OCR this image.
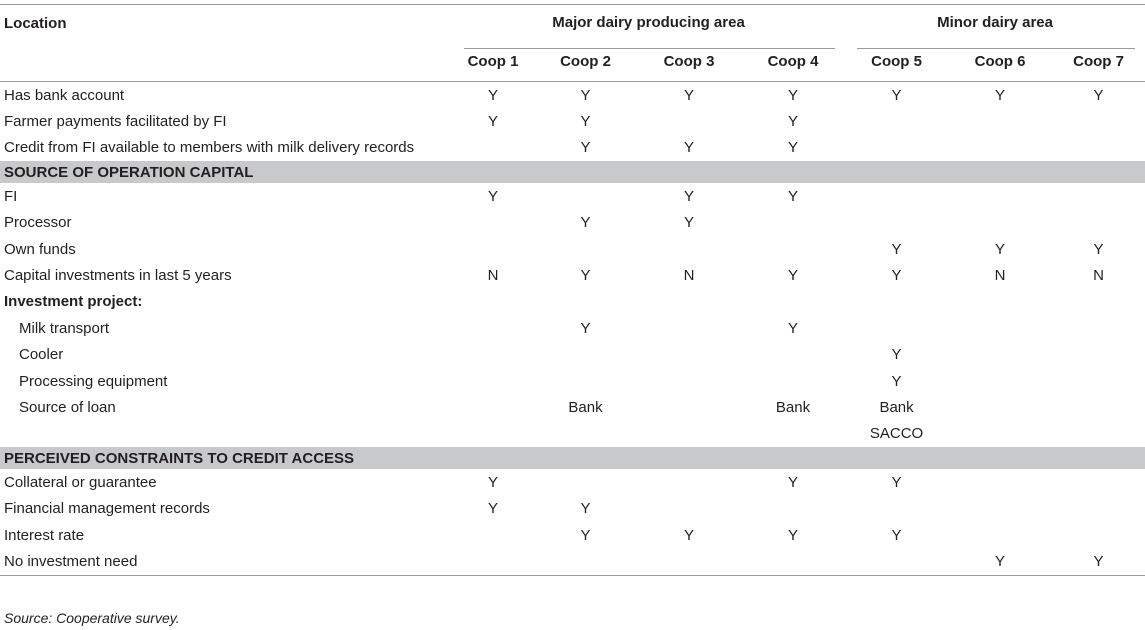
Location	Major dairy producing area				Minor dairy area		

	Coop 1	Coop 2	Coop 3	Coop 4	Coop 5	Coop 6	Coop 7
Has bank account	Y	Y	Y	Y	Y	Y	Y
Farmer payments facilitated by FI	Y	Y		Y			
Credit from FI available to members with milk delivery records		Y	Y	Y			
SOURCE OF OPERATION CAPITAL							
FI	Y		Y	Y			
Processor		Y	Y				
Own funds					Y	Y	Y
Capital investments in last 5 years	N	Y	N	Y	Y	N	N
Investment project:							
Milk transport		Y		Y			
Cooler					Y		
Processing equipment					Y		
Source of loan		Bank		Bank	Bank		
					SACCO		
PERCEIVED CONSTRAINTS TO CREDIT ACCESS							
Collateral or guarantee	Y			Y	Y		
Financial management records	Y	Y					
Interest rate		Y	Y	Y	Y		
No investment need						Y	Y
Source: Cooperative survey.
